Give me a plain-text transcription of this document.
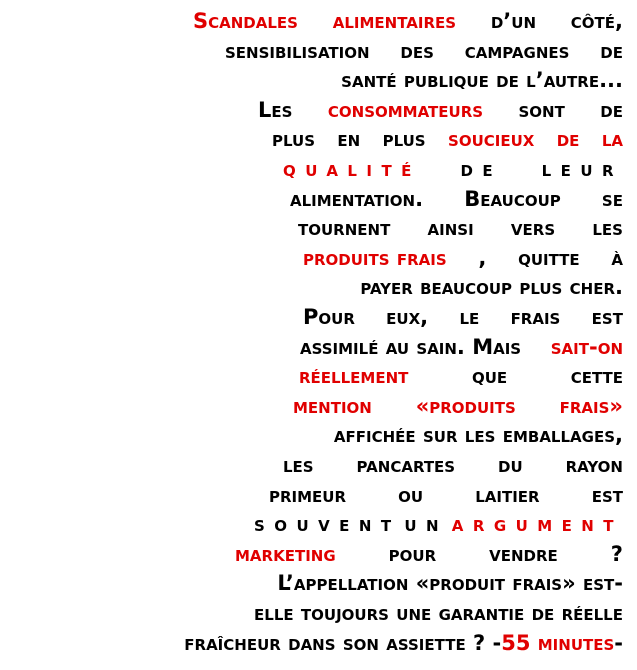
Scandales alimentaires d’un côté,
sensibilisation des campagnes de
santé publique de l’autre...
Les consommateurs sont de
plus en plus soucieux de la
qualité de leur
alimentation. Beaucoup se
tournent ainsi vers les
produits frais , quitte à
payer beaucoup plus cher.
Pour eux, le frais est
assimilé au sain. Mais sait-on
réellement	que	cette
mention «produits frais»
affichée sur les emballages,
les pancartes du rayon
primeur ou laitier est
souvent un argument
marketing	pour	vendre	?
L’appellation «produit frais» est-
elle toujours une garantie de réelle
fraîcheur dans son assiette ? - 55 minutes -
